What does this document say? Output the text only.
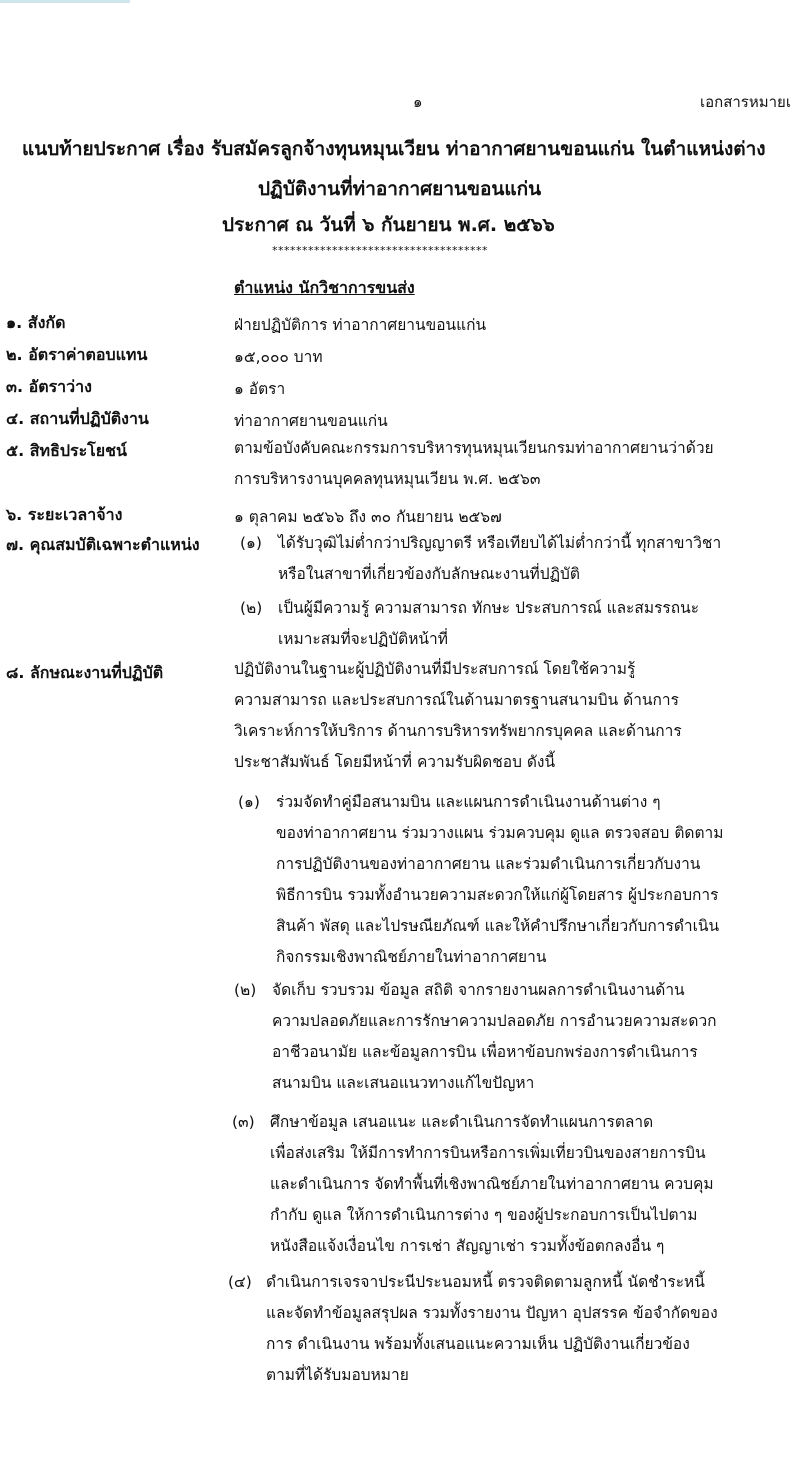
๑	เอกสารหมายเ
แนบท้ายประกาศ เรื่อง รับสมัครลูกจ้างทุนหมุนเวียน ท่าอากาศยานขอนแก่น ในตำแหน่งต่าง
ปฏิบัติงานที่ท่าอากาศยานขอนแก่น
ประกาศ ณ วันที่ ๖ กันยายน พ.ศ. ๒๕๖๖
************************************
ตำแหน่ง นักวิชาการขนส่ง
๑. สังกัด	ฝ่ายปฏิบัติการ ท่าอากาศยานขอนแก่น
๒. อัตราค่าตอบแทน	๑๕,๐๐๐ บาท
๓. อัตราว่าง	๑ อัตรา
๔. สถานที่ปฏิบัติงาน	ท่าอากาศยานขอนแก่น
๕. สิทธิประโยชน์	ตามข้อบังคับคณะกรรมการบริหารทุนหมุนเวียนกรมท่าอากาศยานว่าด้วย
การบริหารงานบุคคลทุนหมุนเวียน พ.ศ. ๒๕๖๓
๖. ระยะเวลาจ้าง	๑ ตุลาคม ๒๕๖๖ ถึง ๓๐ กันยายน ๒๕๖๗
๗. คุณสมบัติเฉพาะตำแหน่ง	(๑)	ได้รับวุฒิไม่ต่ำกว่าปริญญาตรี หรือเทียบได้ไม่ต่ำกว่านี้ ทุกสาขาวิชา
หรือในสาขาที่เกี่ยวข้องกับลักษณะงานที่ปฏิบัติ
(๒)	เป็นผู้มีความรู้ ความสามารถ ทักษะ ประสบการณ์ และสมรรถนะ
เหมาะสมที่จะปฏิบัติหน้าที่
๘. ลักษณะงานที่ปฏิบัติ	ปฏิบัติงานในฐานะผู้ปฏิบัติงานที่มีประสบการณ์ โดยใช้ความรู้
ความสามารถ และประสบการณ์ในด้านมาตรฐานสนามบิน ด้านการ
วิเคราะห์การให้บริการ ด้านการบริหารทรัพยากรบุคคล และด้านการ
ประชาสัมพันธ์ โดยมีหน้าที่ ความรับผิดชอบ ดังนี้
(๑)	ร่วมจัดทำคู่มือสนามบิน และแผนการดำเนินงานด้านต่าง ๆ
ของท่าอากาศยาน ร่วมวางแผน ร่วมควบคุม ดูแล ตรวจสอบ ติดตาม
การปฏิบัติงานของท่าอากาศยาน และร่วมดำเนินการเกี่ยวกับงาน
พิธีการบิน รวมทั้งอำนวยความสะดวกให้แก่ผู้โดยสาร ผู้ประกอบการ
สินค้า พัสดุ และไปรษณียภัณฑ์ และให้คำปรึกษาเกี่ยวกับการดำเนิน
กิจกรรมเชิงพาณิชย์ภายในท่าอากาศยาน
(๒)	จัดเก็บ รวบรวม ข้อมูล สถิติ จากรายงานผลการดำเนินงานด้าน
ความปลอดภัยและการรักษาความปลอดภัย การอำนวยความสะดวก
อาชีวอนามัย และข้อมูลการบิน เพื่อหาข้อบกพร่องการดำเนินการ
สนามบิน และเสนอแนวทางแก้ไขปัญหา
(๓) ศึกษาข้อมูล เสนอแนะ และดำเนินการจัดทำแผนการตลาด
เพื่อส่งเสริม ให้มีการทำการบินหรือการเพิ่มเที่ยวบินของสายการบิน
และดำเนินการ จัดทำพื้นที่เชิงพาณิชย์ภายในท่าอากาศยาน ควบคุม
กำกับ ดูแล ให้การดำเนินการต่าง ๆ ของผู้ประกอบการเป็นไปตาม
หนังสือแจ้งเงื่อนไข การเช่า สัญญาเช่า รวมทั้งข้อตกลงอื่น ๆ
(๔) ดำเนินการเจรจาประนีประนอมหนี้ ตรวจติดตามลูกหนี้ นัดชำระหนี้
และจัดทำข้อมูลสรุปผล รวมทั้งรายงาน ปัญหา อุปสรรค ข้อจำกัดของ
การ ดำเนินงาน พร้อมทั้งเสนอแนะความเห็น ปฏิบัติงานเกี่ยวข้อง
ตามที่ได้รับมอบหมาย
